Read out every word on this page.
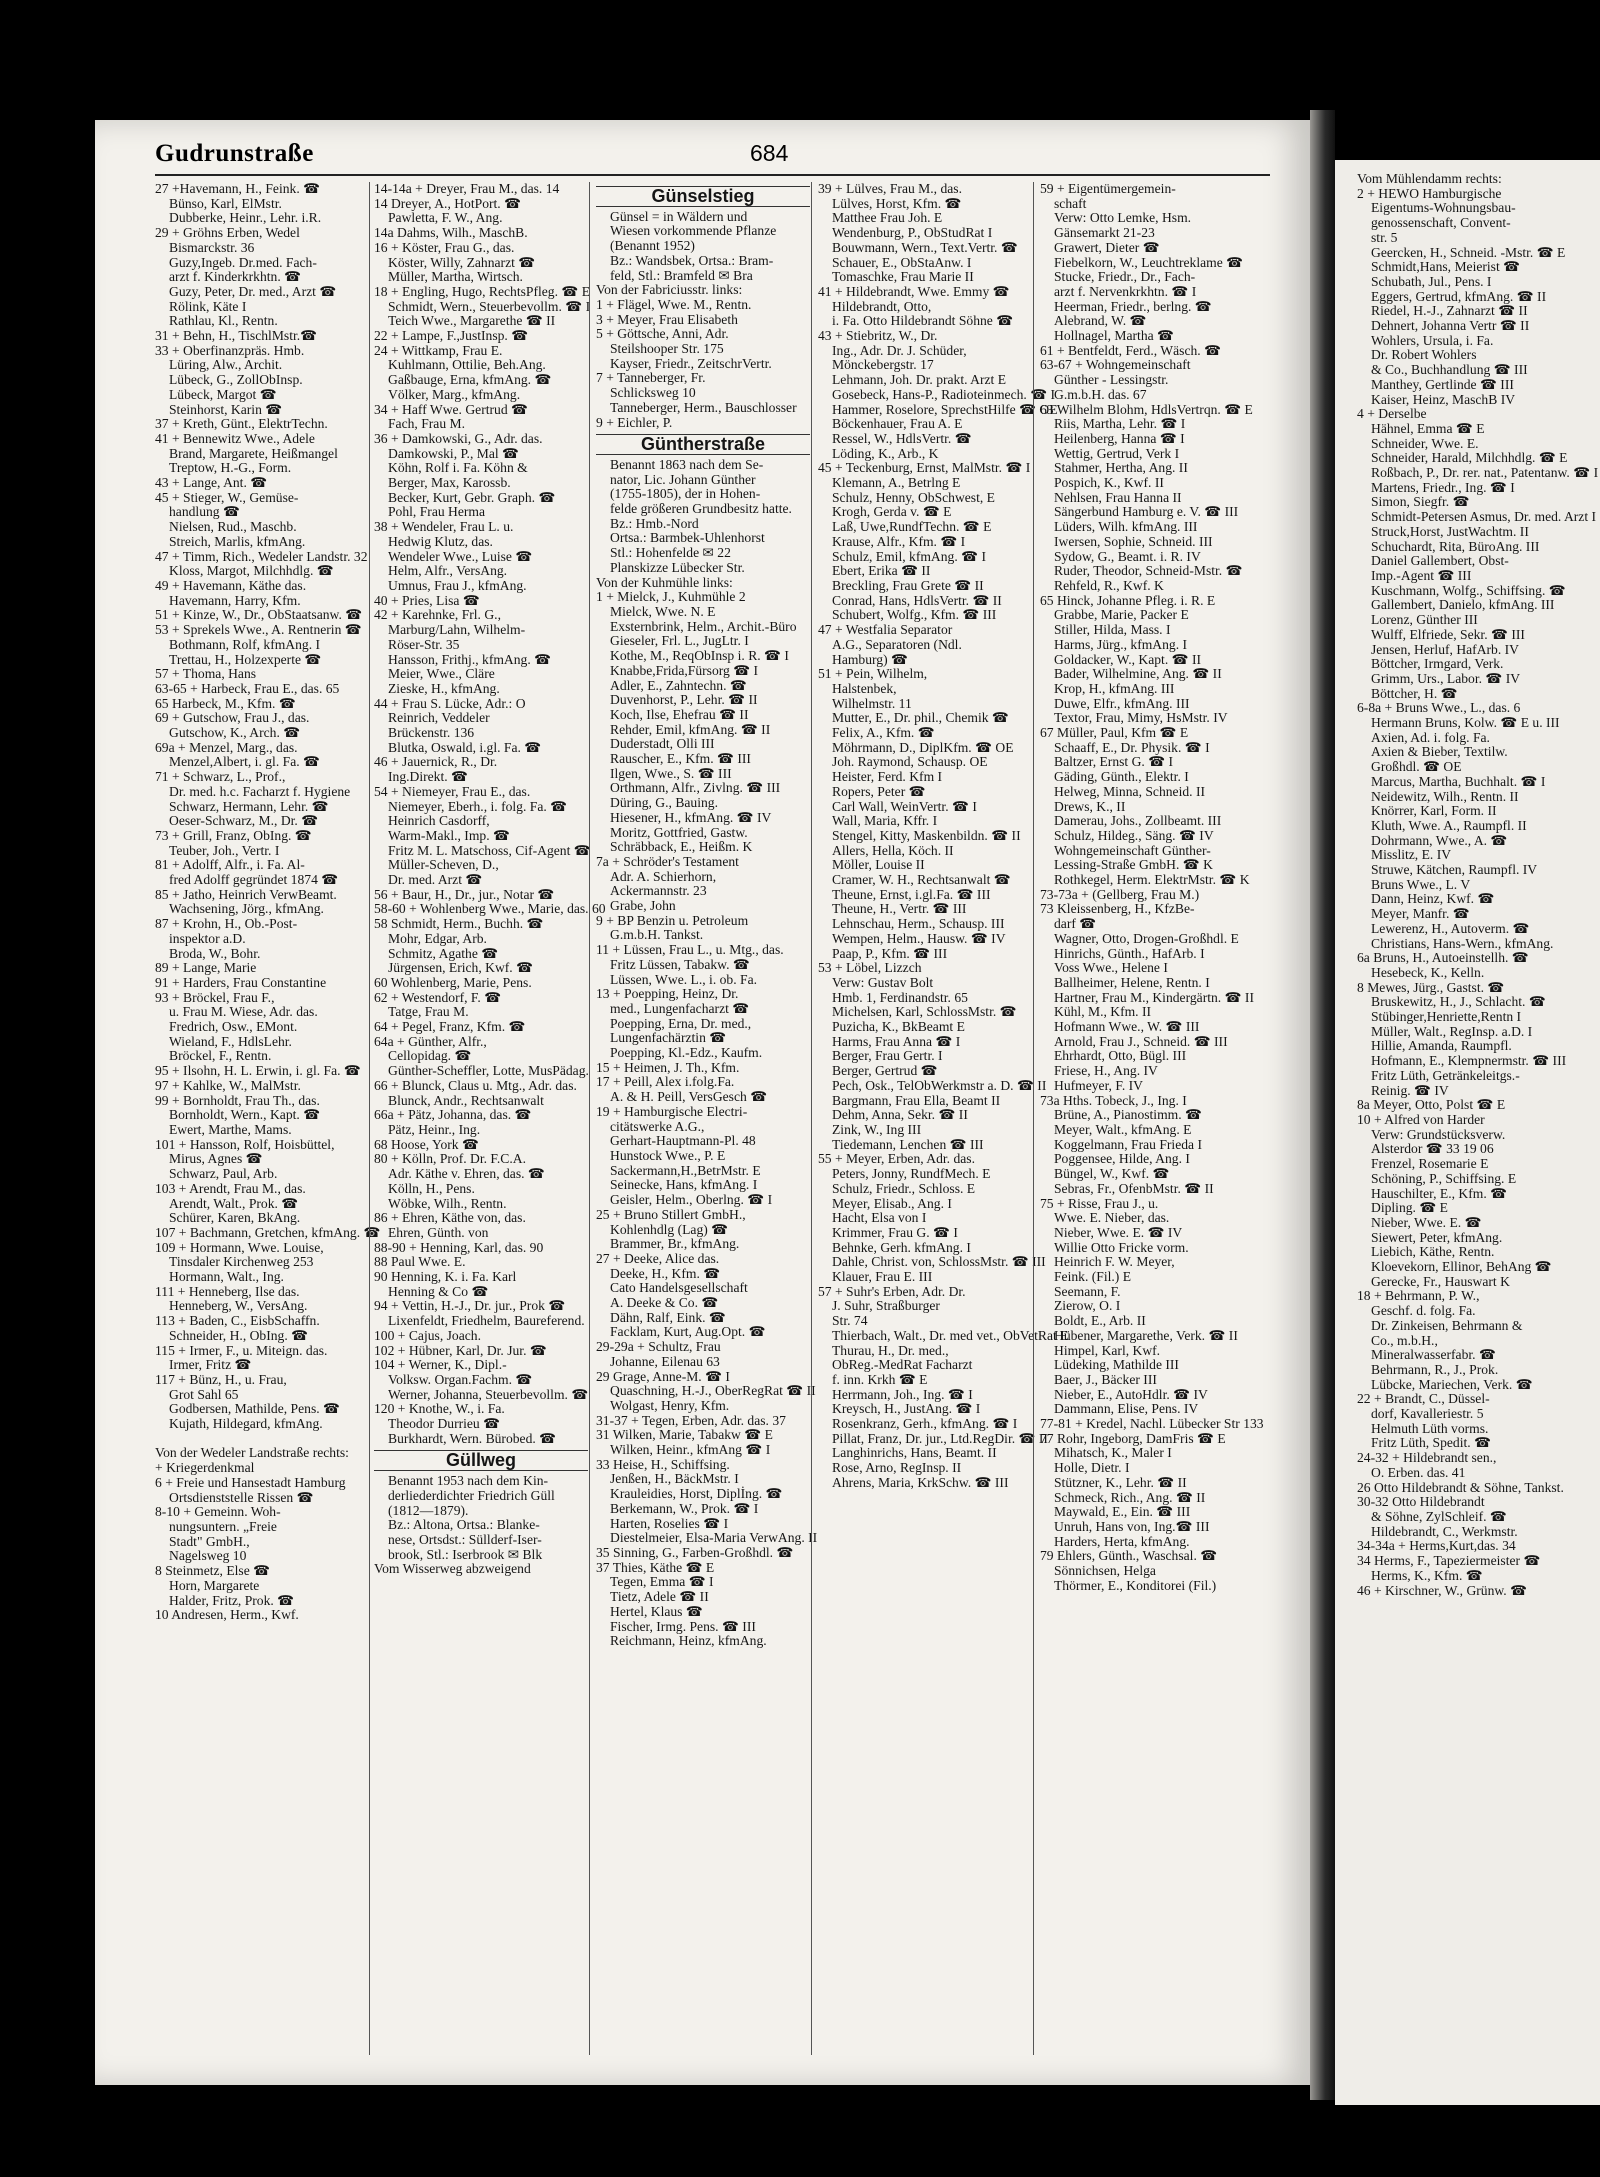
Gudrunstraße	684
27 +Havemann, H., Feink. ☎
Bünso, Karl, ElMstr.
Dubberke, Heinr., Lehr. i.R.
29 + Gröhns Erben, Wedel
Bismarckstr. 36
Guzy,Ingeb. Dr.med. Fach-
arzt f. Kinderkrkhtn. ☎
Guzy, Peter, Dr. med., Arzt ☎
Rölink, Käte I
Rathlau, Kl., Rentn.
31 + Behn, H., TischlMstr.☎
33 + Oberfinanzpräs. Hmb.
Lüring, Alw., Archit.
Lübeck, G., ZollObInsp.
Lübeck, Margot ☎
Steinhorst, Karin ☎
37 + Kreth, Günt., ElektrTechn.
41 + Bennewitz Wwe., Adele
Brand, Margarete, Heißmangel
Treptow, H.-G., Form.
43 + Lange, Ant. ☎
45 + Stieger, W., Gemüse-
handlung ☎
Nielsen, Rud., Maschb.
Streich, Marlis, kfmAng.
47 + Timm, Rich., Wedeler Landstr. 32
Kloss, Margot, Milchhdlg. ☎
49 + Havemann, Käthe das.
Havemann, Harry, Kfm.
51 + Kinze, W., Dr., ObStaatsanw. ☎
53 + Sprekels Wwe., A. Rentnerin ☎
Bothmann, Rolf, kfmAng. I
Trettau, H., Holzexperte ☎
57 + Thoma, Hans
63-65 + Harbeck, Frau E., das. 65
65 Harbeck, M., Kfm. ☎
69 + Gutschow, Frau J., das.
Gutschow, K., Arch. ☎
69a + Menzel, Marg., das.
Menzel,Albert, i. gl. Fa. ☎
71 + Schwarz, L., Prof.,
Dr. med. h.c. Facharzt f. Hygiene
Schwarz, Hermann, Lehr. ☎
Oeser-Schwarz, M., Dr. ☎
73 + Grill, Franz, ObIng. ☎
Teuber, Joh., Vertr. I
81 + Adolff, Alfr., i. Fa. Al-
fred Adolff gegründet 1874 ☎
85 + Jatho, Heinrich VerwBeamt.
Wachsening, Jörg., kfmAng.
87 + Krohn, H., Ob.-Post-
inspektor a.D.
Broda, W., Bohr.
89 + Lange, Marie
91 + Harders, Frau Constantine
93 + Bröckel, Frau F.,
u. Frau M. Wiese, Adr. das.
Fredrich, Osw., EMont.
Wieland, F., HdlsLehr.
Bröckel, F., Rentn.
95 + Ilsohn, H. L. Erwin, i. gl. Fa. ☎
97 + Kahlke, W., MalMstr.
99 + Bornholdt, Frau Th., das.
Bornholdt, Wern., Kapt. ☎
Ewert, Marthe, Mams.
101 + Hansson, Rolf, Hoisbüttel,
Mirus, Agnes ☎
Schwarz, Paul, Arb.
103 + Arendt, Frau M., das.
Arendt, Walt., Prok. ☎
Schürer, Karen, BkAng.
107 + Bachmann, Gretchen, kfmAng. ☎
109 + Hormann, Wwe. Louise,
Tinsdaler Kirchenweg 253
Hormann, Walt., Ing.
111 + Henneberg, Ilse das.
Henneberg, W., VersAng.
113 + Baden, C., EisbSchaffn.
Schneider, H., ObIng. ☎
115 + Irmer, F., u. Miteign. das.
Irmer, Fritz ☎
117 + Bünz, H., u. Frau,
Grot Sahl 65
Godbersen, Mathilde, Pens. ☎
Kujath, Hildegard, kfmAng.

Von der Wedeler Landstraße rechts:
+ Kriegerdenkmal
6 + Freie und Hansestadt Hamburg
Ortsdienststelle Rissen ☎
8-10 + Gemeinn. Woh-
nungsuntern. „Freie
Stadt" GmbH.,
Nagelsweg 10
8 Steinmetz, Else ☎
Horn, Margarete
Halder, Fritz, Prok. ☎
10 Andresen, Herm., Kwf.
14-14a + Dreyer, Frau M., das. 14
14 Dreyer, A., HotPort. ☎
Pawletta, F. W., Ang.
14a Dahms, Wilh., MaschB.
16 + Köster, Frau G., das.
Köster, Willy, Zahnarzt ☎
Müller, Martha, Wirtsch.
18 + Engling, Hugo, RechtsPfleg. ☎ E
Schmidt, Wern., Steuerbevollm. ☎ I
Teich Wwe., Margarethe ☎ II
22 + Lampe, F.,JustInsp. ☎
24 + Wittkamp, Frau E.
Kuhlmann, Ottilie, Beh.Ang.
Gaßbauge, Erna, kfmAng. ☎
Völker, Marg., kfmAng.
34 + Haff Wwe. Gertrud ☎
Fach, Frau M.
36 + Damkowski, G., Adr. das.
Damkowski, P., Mal ☎
Köhn, Rolf i. Fa. Köhn &
Berger, Max, Karossb.
Becker, Kurt, Gebr. Graph. ☎
Pohl, Frau Herma
38 + Wendeler, Frau L. u.
Hedwig Klutz, das.
Wendeler Wwe., Luise ☎
Helm, Alfr., VersAng.
Umnus, Frau J., kfmAng.
40 + Pries, Lisa ☎
42 + Karehnke, Frl. G.,
Marburg/Lahn, Wilhelm-
Röser-Str. 35
Hansson, Frithj., kfmAng. ☎
Meier, Wwe., Cläre
Zieske, H., kfmAng.
44 + Frau S. Lücke, Adr.: O
Reinrich, Veddeler
Brückenstr. 136
Blutka, Oswald, i.gl. Fa. ☎
46 + Jauernick, R., Dr.
Ing.Direkt. ☎
54 + Niemeyer, Frau E., das.
Niemeyer, Eberh., i. folg. Fa. ☎
Heinrich Casdorff,
Warm-Makl., Imp. ☎
Fritz M. L. Matschoss, Cif-Agent ☎
Müller-Scheven, D.,
Dr. med. Arzt ☎
56 + Baur, H., Dr., jur., Notar ☎
58-60 + Wohlenberg Wwe., Marie, das. 60
58 Schmidt, Herm., Buchh. ☎
Mohr, Edgar, Arb.
Schmitz, Agathe ☎
Jürgensen, Erich, Kwf. ☎
60 Wohlenberg, Marie, Pens.
62 + Westendorf, F. ☎
Tatge, Frau M.
64 + Pegel, Franz, Kfm. ☎
64a + Günther, Alfr.,
Cellopidag. ☎
Günther-Scheffler, Lotte, MusPädag.
66 + Blunck, Claus u. Mtg., Adr. das.
Blunck, Andr., Rechtsanwalt
66a + Pätz, Johanna, das. ☎
Pätz, Heinr., Ing.
68 Hoose, York ☎
80 + Kölln, Prof. Dr. F.C.A.
Adr. Käthe v. Ehren, das. ☎
Kölln, H., Pens.
Wöbke, Wilh., Rentn.
86 + Ehren, Käthe von, das.
Ehren, Günth. von
88-90 + Henning, Karl, das. 90
88 Paul Wwe. E.
90 Henning, K. i. Fa. Karl
Henning & Co ☎
94 + Vettin, H.-J., Dr. jur., Prok ☎
Lixenfeldt, Friedhelm, Baureferend.
100 + Cajus, Joach.
102 + Hübner, Karl, Dr. Jur. ☎
104 + Werner, K., Dipl.-
Volksw. Organ.Fachm. ☎
Werner, Johanna, Steuerbevollm. ☎
120 + Knothe, W., i. Fa.
Theodor Durrieu ☎
Burkhardt, Wern. Bürobed. ☎
Güllweg
Benannt 1953 nach dem Kin-
derliederdichter Friedrich Güll
(1812—1879).
Bz.: Altona, Ortsa.: Blanke-
nese, Ortsdst.: Süllderf-Iser-
brook, Stl.: Iserbrook ✉ Blk
Vom Wisserweg abzweigend
Günselstieg
Günsel = in Wäldern und
Wiesen vorkommende Pflanze
(Benannt 1952)
Bz.: Wandsbek, Ortsa.: Bram-
feld, Stl.: Bramfeld ✉ Bra
Von der Fabriciusstr. links:
1 + Flägel, Wwe. M., Rentn.
3 + Meyer, Frau Elisabeth
5 + Göttsche, Anni, Adr.
Steilshooper Str. 175
Kayser, Friedr., ZeitschrVertr.
7 + Tanneberger, Fr.
Schlicksweg 10
Tanneberger, Herm., Bauschlosser
9 + Eichler, P.
Güntherstraße
Benannt 1863 nach dem Se-
nator, Lic. Johann Günther
(1755-1805), der in Hohen-
felde größeren Grundbesitz hatte.
Bz.: Hmb.-Nord
Ortsa.: Barmbek-Uhlenhorst
Stl.: Hohenfelde ✉ 22
Planskizze Lübecker Str.
Von der Kuhmühle links:
1 + Mielck, J., Kuhmühle 2
Mielck, Wwe. N. E
Exsternbrink, Helm., Archit.-Büro
Gieseler, Frl. L., JugLtr. I
Kothe, M., ReqObInsp i. R. ☎ I
Knabbe,Frida,Fürsorg ☎ I
Adler, E., Zahntechn. ☎
Duvenhorst, P., Lehr. ☎ II
Koch, Ilse, Ehefrau ☎ II
Rehder, Emil, kfmAng. ☎ II
Duderstadt, Olli III
Rauscher, E., Kfm. ☎ III
Ilgen, Wwe., S. ☎ III
Orthmann, Alfr., Zivlng. ☎ III
Düring, G., Bauing.
Hiesener, H., kfmAng. ☎ IV
Moritz, Gottfried, Gastw.
Schräbback, E., Heißm. K
7a + Schröder's Testament
Adr. A. Schierhorn,
Ackermannstr. 23
Grabe, John
9 + BP Benzin u. Petroleum
G.m.b.H. Tankst.
11 + Lüssen, Frau L., u. Mtg., das.
Fritz Lüssen, Tabakw. ☎
Lüssen, Wwe. L., i. ob. Fa.
13 + Poepping, Heinz, Dr.
med., Lungenfacharzt ☎
Poepping, Erna, Dr. med.,
Lungenfachärztin ☎
Poepping, Kl.-Edz., Kaufm.
15 + Heimen, J. Th., Kfm.
17 + Peill, Alex i.folg.Fa.
A. & H. Peill, VersGesch ☎
19 + Hamburgische Electri-
citätswerke A.G.,
Gerhart-Hauptmann-Pl. 48
Hunstock Wwe., P. E
Sackermann,H.,BetrMstr. E
Seinecke, Hans, kfmAng. I
Geisler, Helm., Oberlng. ☎ I
25 + Bruno Stillert GmbH.,
Kohlenhdlg (Lag) ☎
Brammer, Br., kfmAng.
27 + Deeke, Alice das.
Deeke, H., Kfm. ☎
Cato Handelsgesellschaft
A. Deeke & Co. ☎
Dähn, Ralf, Eink. ☎
Facklam, Kurt, Aug.Opt. ☎
29-29a + Schultz, Frau
Johanne, Eilenau 63
29 Grage, Anne-M. ☎ I
Quaschning, H.-J., OberRegRat ☎ II
Wolgast, Henry, Kfm.
31-37 + Tegen, Erben, Adr. das. 37
31 Wilken, Marie, Tabakw ☎ E
Wilken, Heinr., kfmAng ☎ I
33 Heise, H., Schiffsing.
Jenßen, H., BäckMstr. I
Krauleidies, Horst, Diplİng. ☎
Berkemann, W., Prok. ☎ I
Harten, Roselies ☎ I
Diestelmeier, Elsa-Maria VerwAng. II
35 Sinning, G., Farben-Großhdl. ☎
37 Thies, Käthe ☎ E
Tegen, Emma ☎ I
Tietz, Adele ☎ II
Hertel, Klaus ☎
Fischer, Irmg. Pens. ☎ III
Reichmann, Heinz, kfmAng.
39 + Lülves, Frau M., das.
Lülves, Horst, Kfm. ☎
Matthee Frau Joh. E
Wendenburg, P., ObStudRat I
Bouwmann, Wern., Text.Vertr. ☎
Schauer, E., ObStaAnw. I
Tomaschke, Frau Marie II
41 + Hildebrandt, Wwe. Emmy ☎
Hildebrandt, Otto,
i. Fa. Otto Hildebrandt Söhne ☎
43 + Stiebritz, W., Dr.
Ing., Adr. Dr. J. Schüder,
Mönckebergstr. 17
Lehmann, Joh. Dr. prakt. Arzt E
Gosebeck, Hans-P., Radioteinmech. ☎ I
Hammer, Roselore, SprechstHilfe ☎ OE
Böckenhauer, Frau A. E
Ressel, W., HdlsVertr. ☎
Löding, K., Arb., K
45 + Teckenburg, Ernst, MalMstr. ☎ I
Klemann, A., Betrlng E
Schulz, Henny, ObSchwest, E
Krogh, Gerda v. ☎ E
Laß, Uwe,RundfTechn. ☎ E
Krause, Alfr., Kfm. ☎ I
Schulz, Emil, kfmAng. ☎ I
Ebert, Erika ☎ II
Breckling, Frau Grete ☎ II
Conrad, Hans, HdlsVertr. ☎ II
Schubert, Wolfg., Kfm. ☎ III
47 + Westfalia Separator
A.G., Separatoren (Ndl.
Hamburg) ☎
51 + Pein, Wilhelm,
Halstenbek,
Wilhelmstr. 11
Mutter, E., Dr. phil., Chemik ☎
Felix, A., Kfm. ☎
Möhrmann, D., DiplKfm. ☎ OE
Joh. Raymond, Schausp. OE
Heister, Ferd. Kfm I
Ropers, Peter ☎
Carl Wall, WeinVertr. ☎ I
Wall, Maria, Kffr. I
Stengel, Kitty, Maskenbildn. ☎ II
Allers, Hella, Köch. II
Möller, Louise II
Cramer, W. H., Rechtsanwalt ☎
Theune, Ernst, i.gl.Fa. ☎ III
Theune, H., Vertr. ☎ III
Lehnschau, Herm., Schausp. III
Wempen, Helm., Hausw. ☎ IV
Paap, P., Kfm. ☎ III
53 + Löbel, Lizzch
Verw: Gustav Bolt
Hmb. 1, Ferdinandstr. 65
Michelsen, Karl, SchlossMstr. ☎
Puzicha, K., BkBeamt E
Harms, Frau Anna ☎ I
Berger, Frau Gertr. I
Berger, Gertrud ☎
Pech, Osk., TelObWerkmstr a. D. ☎ II
Bargmann, Frau Ella, Beamt II
Dehm, Anna, Sekr. ☎ II
Zink, W., Ing III
Tiedemann, Lenchen ☎ III
55 + Meyer, Erben, Adr. das.
Peters, Jonny, RundfMech. E
Schulz, Friedr., Schloss. E
Meyer, Elisab., Ang. I
Hacht, Elsa von I
Krimmer, Frau G. ☎ I
Behnke, Gerh. kfmAng. I
Dahle, Christ. von, SchlossMstr. ☎ III
Klauer, Frau E. III
57 + Suhr's Erben, Adr. Dr.
J. Suhr, Straßburger
Str. 74
Thierbach, Walt., Dr. med vet., ObVetRat E
Thurau, H., Dr. med.,
ObReg.-MedRat Facharzt
f. inn. Krkh ☎ E
Herrmann, Joh., Ing. ☎ I
Kreysch, H., JustAng. ☎ I
Rosenkranz, Gerh., kfmAng. ☎ I
Pillat, Franz, Dr. jur., Ltd.RegDir. ☎ II
Langhinrichs, Hans, Beamt. II
Rose, Arno, RegInsp. II
Ahrens, Maria, KrkSchw. ☎ III
59 + Eigentümergemein-
schaft
Verw: Otto Lemke, Hsm.
Gänsemarkt 21-23
Grawert, Dieter ☎
Fiebelkorn, W., Leuchtreklame ☎
Stucke, Friedr., Dr., Fach-
arzt f. Nervenkrkhtn. ☎ I
Heerman, Friedr., berlng. ☎
Alebrand, W. ☎
Hollnagel, Martha ☎
61 + Bentfeldt, Ferd., Wäsch. ☎
63-67 + Wohngemeinschaft
Günther - Lessingstr.
G.m.b.H. das. 67
63 Wilhelm Blohm, HdlsVertrqn. ☎ E
Riis, Martha, Lehr. ☎ I
Heilenberg, Hanna ☎ I
Wettig, Gertrud, Verk I
Stahmer, Hertha, Ang. II
Pospich, K., Kwf. II
Nehlsen, Frau Hanna II
Sängerbund Hamburg e. V. ☎ III
Lüders, Wilh. kfmAng. III
Iwersen, Sophie, Schneid. III
Sydow, G., Beamt. i. R. IV
Ruder, Theodor, Schneid-Mstr. ☎
Rehfeld, R., Kwf. K
65 Hinck, Johanne Pfleg. i. R. E
Grabbe, Marie, Packer E
Stiller, Hilda, Mass. I
Harms, Jürg., kfmAng. I
Goldacker, W., Kapt. ☎ II
Bader, Wilhelmine, Ang. ☎ II
Krop, H., kfmAng. III
Duwe, Elfr., kfmAng. III
Textor, Frau, Mimy, HsMstr. IV
67 Müller, Paul, Kfm ☎ E
Schaaff, E., Dr. Physik. ☎ I
Baltzer, Ernst G. ☎ I
Gäding, Günth., Elektr. I
Helweg, Minna, Schneid. II
Drews, K., II
Damerau, Johs., Zollbeamt. III
Schulz, Hildeg., Säng. ☎ IV
Wohngemeinschaft Günther-
Lessing-Straße GmbH. ☎ K
Rothkegel, Herm. ElektrMstr. ☎ K
73-73a + (Gellberg, Frau M.)
73 Kleissenberg, H., KfzBe-
darf ☎
Wagner, Otto, Drogen-Großhdl. E
Hinrichs, Günth., HafArb. I
Voss Wwe., Helene I
Ballheimer, Helene, Rentn. I
Hartner, Frau M., Kindergärtn. ☎ II
Kühl, M., Kfm. II
Hofmann Wwe., W. ☎ III
Arnold, Frau J., Schneid. ☎ III
Ehrhardt, Otto, Bügl. III
Friese, H., Ang. IV
Hufmeyer, F. IV
73a Hths. Tobeck, J., Ing. I
Brüne, A., Pianostimm. ☎
Meyer, Walt., kfmAng. E
Koggelmann, Frau Frieda I
Poggensee, Hilde, Ang. I
Büngel, W., Kwf. ☎
Sebras, Fr., OfenbMstr. ☎ II
75 + Risse, Frau J., u.
Wwe. E. Nieber, das.
Nieber, Wwe. E. ☎ IV
Willie Otto Fricke vorm.
Heinrich F. W. Meyer,
Feink. (Fil.) E
Seemann, F.
Zierow, O. I
Boldt, E., Arb. II
Hübener, Margarethe, Verk. ☎ II
Himpel, Karl, Kwf.
Lüdeking, Mathilde III
Baer, J., Bäcker III
Nieber, E., AutoHdlr. ☎ IV
Dammann, Elise, Pens. IV
77-81 + Kredel, Nachl. Lübecker Str 133
77 Rohr, Ingeborg, DamFris ☎ E
Mihatsch, K., Maler I
Holle, Dietr. I
Stützner, K., Lehr. ☎ II
Schmeck, Rich., Ang. ☎ II
Maywald, E., Ein. ☎ III
Unruh, Hans von, Ing.☎ III
Harders, Herta, kfmAng.
79 Ehlers, Günth., Waschsal. ☎
Sönnichsen, Helga
Thörmer, E., Konditorei (Fil.)
Vom Mühlendamm rechts:
2 + HEWO Hamburgische
Eigentums-Wohnungsbau-
genossenschaft, Convent-
str. 5
Geercken, H., Schneid. -Mstr. ☎ E
Schmidt,Hans, Meierist ☎
Schubath, Jul., Pens. I
Eggers, Gertrud, kfmAng. ☎ II
Riedel, H.-J., Zahnarzt ☎ II
Dehnert, Johanna Vertr ☎ II
Wohlers, Ursula, i. Fa.
Dr. Robert Wohlers
& Co., Buchhandlung ☎ III
Manthey, Gertlinde ☎ III
Kaiser, Heinz, MaschB IV
4 + Derselbe
Hähnel, Emma ☎ E
Schneider, Wwe. E.
Schneider, Harald, Milchhdlg. ☎ E
Roßbach, P., Dr. rer. nat., Patentanw. ☎ I
Martens, Friedr., Ing. ☎ I
Simon, Siegfr. ☎
Schmidt-Petersen Asmus, Dr. med. Arzt I
Struck,Horst, JustWachtm. II
Schuchardt, Rita, BüroAng. III
Daniel Gallembert, Obst-
Imp.-Agent ☎ III
Kuschmann, Wolfg., Schiffsing. ☎
Gallembert, Danielo, kfmAng. III
Lorenz, Günther III
Wulff, Elfriede, Sekr. ☎ III
Jensen, Herluf, HafArb. IV
Böttcher, Irmgard, Verk.
Grimm, Urs., Labor. ☎ IV
Böttcher, H. ☎
6-8a + Bruns Wwe., L., das. 6
Hermann Bruns, Kolw. ☎ E u. III
Axien, Ad. i. folg. Fa.
Axien & Bieber, Textilw.
Großhdl. ☎ OE
Marcus, Martha, Buchhalt. ☎ I
Neidewitz, Wilh., Rentn. II
Knörrer, Karl, Form. II
Kluth, Wwe. A., Raumpfl. II
Dohrmann, Wwe., A. ☎
Misslitz, E. IV
Struwe, Kätchen, Raumpfl. IV
Bruns Wwe., L. V
Dann, Heinz, Kwf. ☎
Meyer, Manfr. ☎
Lewerenz, H., Autoverm. ☎
Christians, Hans-Wern., kfmAng.
6a Bruns, H., Autoeinstellh. ☎
Hesebeck, K., Kelln.
8 Mewes, Jürg., Gastst. ☎
Bruskewitz, H., J., Schlacht. ☎
Stübinger,Henriette,Rentn I
Müller, Walt., RegInsp. a.D. I
Hillie, Amanda, Raumpfl.
Hofmann, E., Klempnermstr. ☎ III
Fritz Lüth, Getränkeleitgs.-
Reinig. ☎ IV
8a Meyer, Otto, Polst ☎ E
10 + Alfred von Harder
Verw: Grundstücksverw.
Alsterdor ☎ 33 19 06
Frenzel, Rosemarie E
Schöning, P., Schiffsing. E
Hauschilter, E., Kfm. ☎
Dipling. ☎ E
Nieber, Wwe. E. ☎
Siewert, Peter, kfmAng.
Liebich, Käthe, Rentn.
Kloevekorn, Ellinor, BehAng ☎
Gerecke, Fr., Hauswart K
18 + Behrmann, P. W.,
Geschf. d. folg. Fa.
Dr. Zinkeisen, Behrmann &
Co., m.b.H.,
Mineralwasserfabr. ☎
Behrmann, R., J., Prok.
Lübcke, Mariechen, Verk. ☎
22 + Brandt, C., Düssel-
dorf, Kavalleriestr. 5
Helmuth Lüth vorms.
Fritz Lüth, Spedit. ☎
24-32 + Hildebrandt sen.,
O. Erben. das. 41
26 Otto Hildebrandt & Söhne, Tankst.
30-32 Otto Hildebrandt
& Söhne, ZylSchleif. ☎
Hildebrandt, C., Werkmstr.
34-34a + Herms,Kurt,das. 34
34 Herms, F., Tapeziermeister ☎
Herms, K., Kfm. ☎
46 + Kirschner, W., Grünw. ☎
